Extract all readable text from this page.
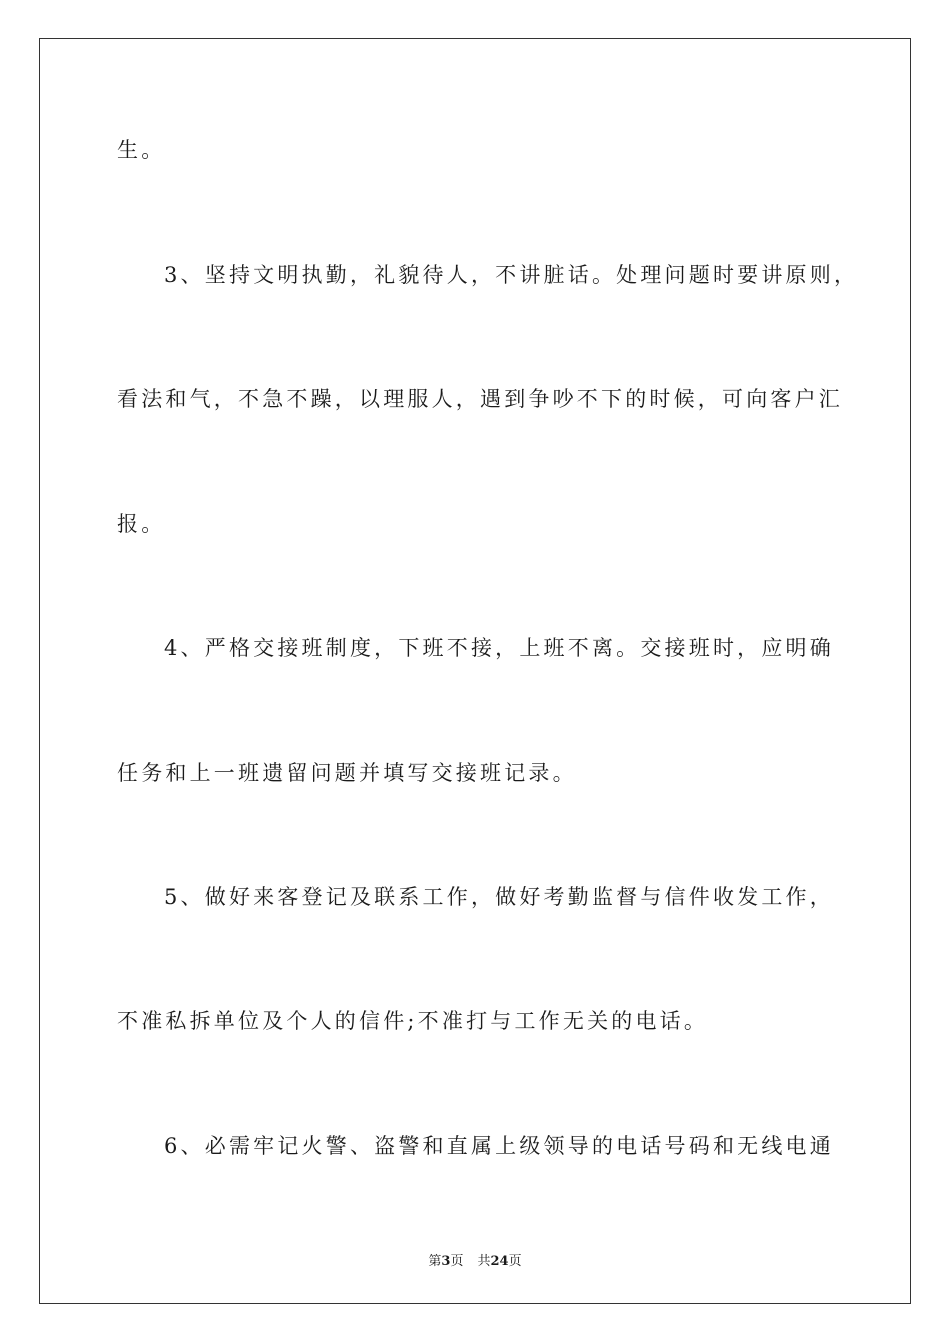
生。
3、坚持文明执勤，礼貌待人，不讲脏话。处理问题时要讲原则，
看法和气，不急不躁，以理服人，遇到争吵不下的时候，可向客户汇
报。
4、严格交接班制度，下班不接，上班不离。交接班时，应明确
任务和上一班遗留问题并填写交接班记录。
5、做好来客登记及联系工作，做好考勤监督与信件收发工作，
不准私拆单位及个人的信件;不准打与工作无关的电话。
6、必需牢记火警、盗警和直属上级领导的电话号码和无线电通
第3页 共24页
